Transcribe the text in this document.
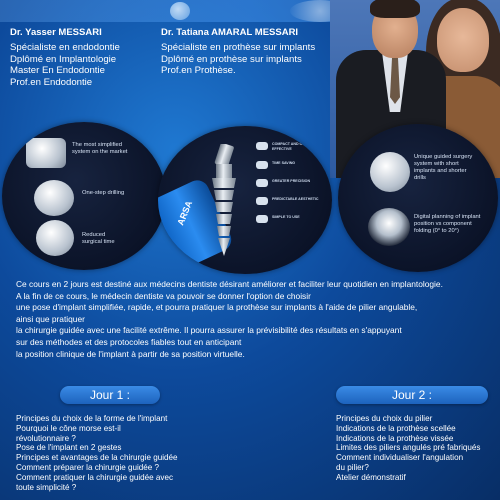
Dr. Yasser MESSARI
Spécialiste en endodontie
Dplômé en Implantologie
Master En Endodontie
Prof.en Endodontie
Dr. Tatiana AMARAL MESSARI
Spécialiste en prothèse sur implants
Dplômé en prothèse sur implants
Prof.en Prothèse.
The most simplified system on the market
One-step drilling
Reduced surgical time
ARSA
COMPACT AND COST-EFFECTIVE
TIME SAVING
GREATER PRECISION
PREDICTABLE AESTHETIC
SIMPLE TO USE
Unique guided surgery system with short implants and shorter drills
Digital planning of implant position vs component folding (0° to 20°)
Ce cours en 2 jours est destiné aux médecins dentiste désirant améliorer et faciliter leur quotidien en implantologie.
A la fin de ce cours, le médecin dentiste va pouvoir se donner l'option de choisir
une pose d'implant simplifiée, rapide, et pourra pratiquer la prothèse sur implants à l'aide de pilier angulable,
ainsi que pratiquer
la chirurgie guidée avec une facilité extrême. Il pourra assurer la prévisibilité des résultats en s'appuyant
sur des méthodes et des protocoles fiables tout en anticipant
la position clinique de l'implant à partir de sa position virtuelle.
Jour 1 :	Jour 2 :
Principes du choix de la forme de l'implant
Pourquoi le cône morse est-il
révolutionnaire ?
Pose de l'implant en 2 gestes
Principes et avantages de la chirurgie guidée
Comment préparer la chirurgie guidée ?
Comment pratiquer la chirurgie guidée avec
toute simplicité ?
Principes du choix du pilier
Indications de la prothèse scellée
Indications de la prothèse vissée
Limites des piliers angulés pré fabriqués
Comment individualiser l'angulation
du pilier?
Atelier démonstratif
